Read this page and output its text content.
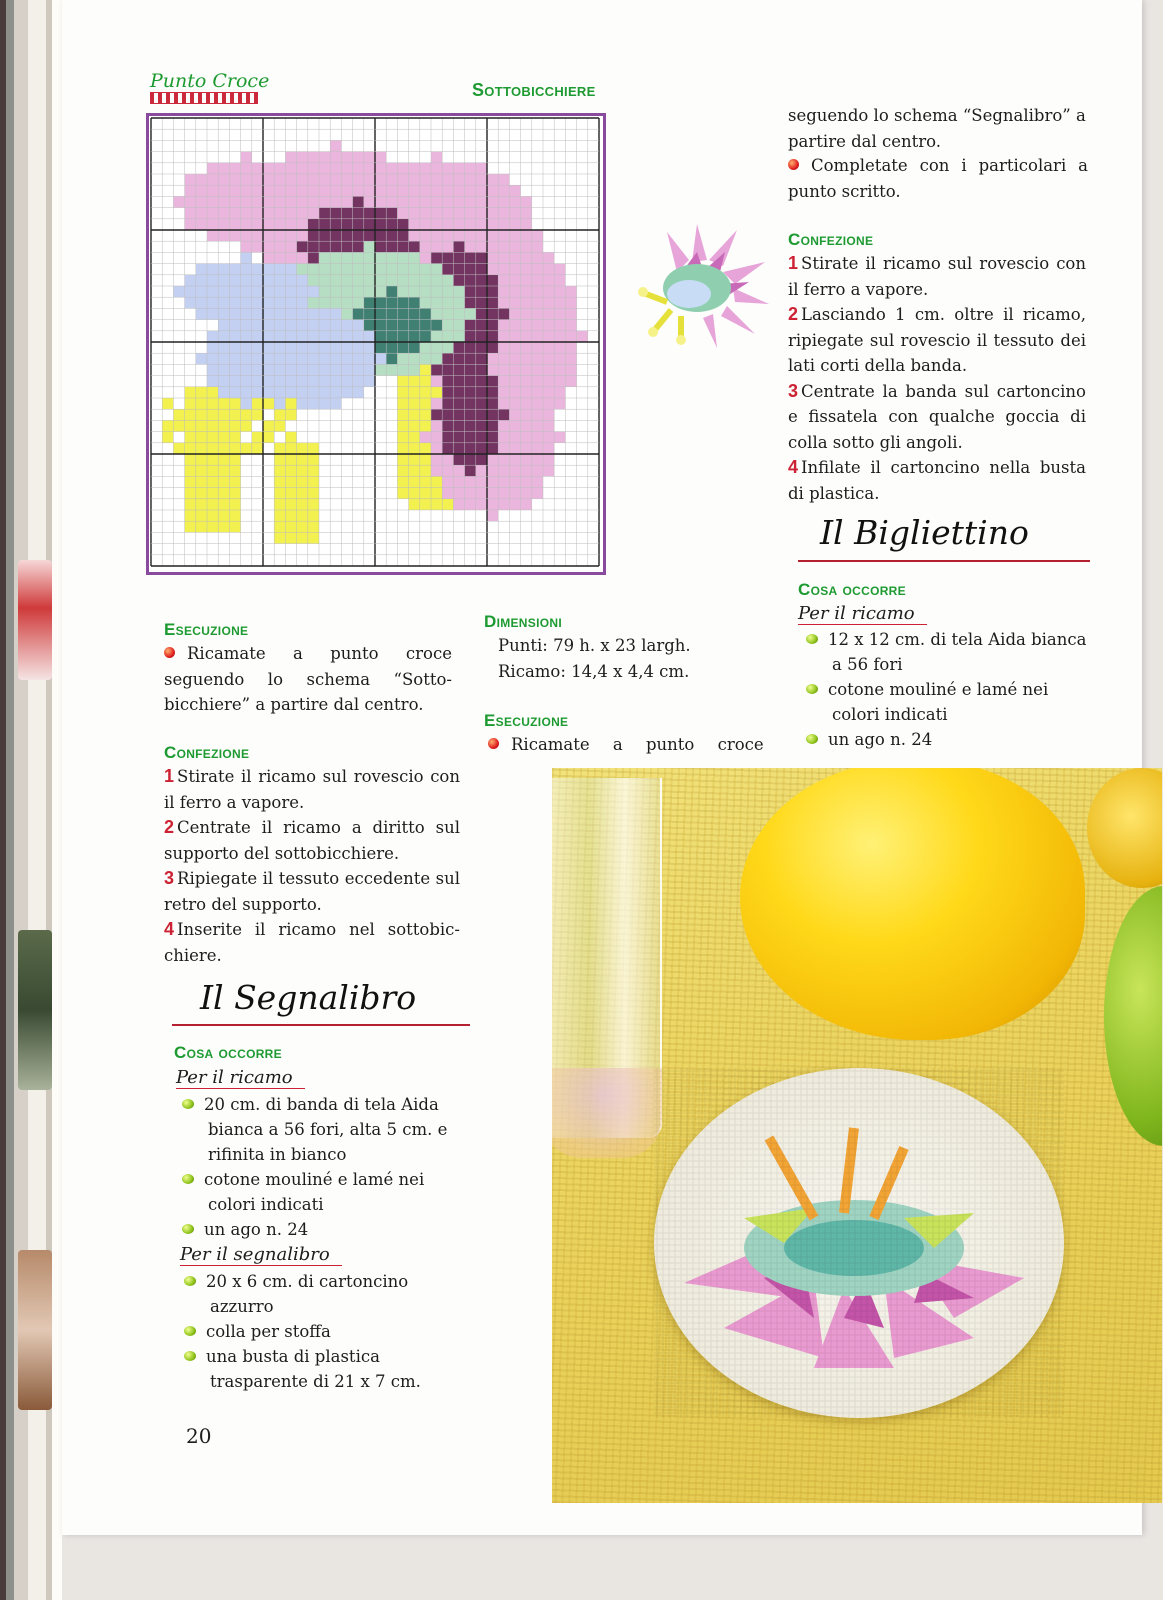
Punto Croce	Sottobicchiere
Esecuzione
Ricamate a punto croce seguendo lo schema “Sotto-bicchiere” a partire dal centro.
Confezione
1 Stirate il ricamo sul rovescio con il ferro a vapore.
2 Centrate il ricamo a diritto sul supporto del sottobicchiere.
3 Ripiegate il tessuto eccedente sul retro del supporto.
4 Inserite il ricamo nel sottobic-chiere.
Il Segnalibro
Cosa occorre
Per il ricamo
20 cm. di banda di tela Aida bianca a 56 fori, alta 5 cm. e rifinita in bianco
cotone mouliné e lamé nei colori indicati
un ago n. 24
Per il segnalibro
20 x 6 cm. di cartoncino azzurro
colla per stoffa
una busta di plastica trasparente di 21 x 7 cm.
20
Dimensioni
Punti: 79 h. x 23 largh.
Ricamo: 14,4 x 4,4 cm.
Esecuzione
Ricamate a punto croce
seguendo lo schema “Segnalibro” a partire dal centro.
Completate con i particolari a punto scritto.
Confezione
1 Stirate il ricamo sul rovescio con il ferro a vapore.
2 Lasciando 1 cm. oltre il ricamo, ripiegate sul rovescio il tessuto dei lati corti della banda.
3 Centrate la banda sul cartoncino e fissatela con qualche goccia di colla sotto gli angoli.
4 Infilate il cartoncino nella busta di plastica.
Il Bigliettino
Cosa occorre
Per il ricamo
12 x 12 cm. di tela Aida bianca a 56 fori
cotone mouliné e lamé nei colori indicati
un ago n. 24
